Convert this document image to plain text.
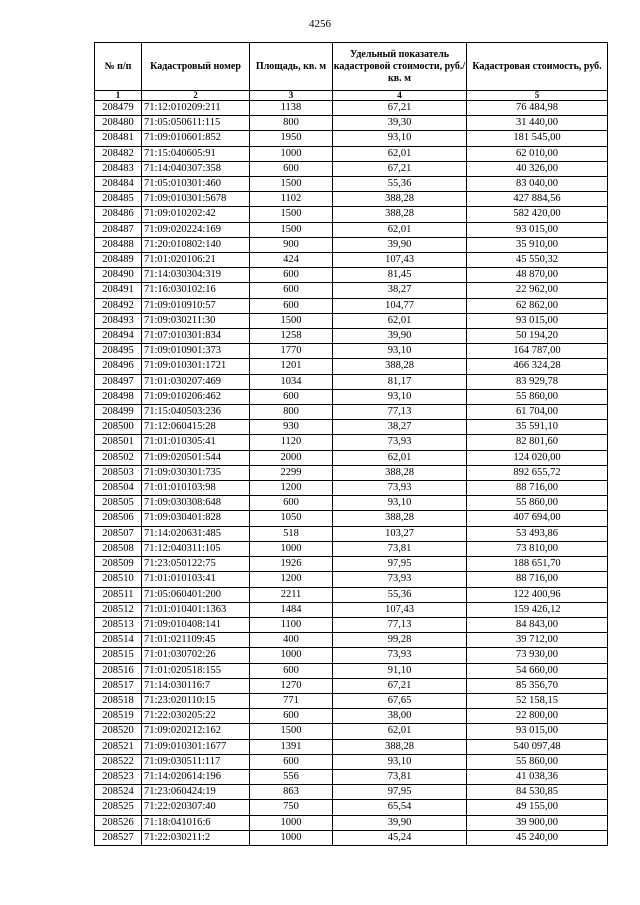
4256
№ п/п	Кадастровый номер	Площадь, кв. м	Удельный показатель кадастровой стоимости, руб./кв. м	Кадастровая стоимость, руб.
1	2	3	4	5
208479	71:12:010209:211	1138	67,21	76 484,98
208480	71:05:050611:115	800	39,30	31 440,00
208481	71:09:010601:852	1950	93,10	181 545,00
208482	71:15:040605:91	1000	62,01	62 010,00
208483	71:14:040307:358	600	67,21	40 326,00
208484	71:05:010301:460	1500	55,36	83 040,00
208485	71:09:010301:5678	1102	388,28	427 884,56
208486	71:09:010202:42	1500	388,28	582 420,00
208487	71:09:020224:169	1500	62,01	93 015,00
208488	71:20:010802:140	900	39,90	35 910,00
208489	71:01:020106:21	424	107,43	45 550,32
208490	71:14:030304:319	600	81,45	48 870,00
208491	71:16:030102:16	600	38,27	22 962,00
208492	71:09:010910:57	600	104,77	62 862,00
208493	71:09:030211:30	1500	62,01	93 015,00
208494	71:07:010301:834	1258	39,90	50 194,20
208495	71:09:010901:373	1770	93,10	164 787,00
208496	71:09:010301:1721	1201	388,28	466 324,28
208497	71:01:030207:469	1034	81,17	83 929,78
208498	71:09:010206:462	600	93,10	55 860,00
208499	71:15:040503:236	800	77,13	61 704,00
208500	71:12:060415:28	930	38,27	35 591,10
208501	71:01:010305:41	1120	73,93	82 801,60
208502	71:09:020501:544	2000	62,01	124 020,00
208503	71:09:030301:735	2299	388,28	892 655,72
208504	71:01:010103:98	1200	73,93	88 716,00
208505	71:09:030308:648	600	93,10	55 860,00
208506	71:09:030401:828	1050	388,28	407 694,00
208507	71:14:020631:485	518	103,27	53 493,86
208508	71:12:040311:105	1000	73,81	73 810,00
208509	71:23:050122:75	1926	97,95	188 651,70
208510	71:01:010103:41	1200	73,93	88 716,00
208511	71:05:060401:200	2211	55,36	122 400,96
208512	71:01:010401:1363	1484	107,43	159 426,12
208513	71:09:010408:141	1100	77,13	84 843,00
208514	71:01:021109:45	400	99,28	39 712,00
208515	71:01:030702:26	1000	73,93	73 930,00
208516	71:01:020518:155	600	91,10	54 660,00
208517	71:14:030116:7	1270	67,21	85 356,70
208518	71:23:020110:15	771	67,65	52 158,15
208519	71:22:030205:22	600	38,00	22 800,00
208520	71:09:020212:162	1500	62,01	93 015,00
208521	71:09:010301:1677	1391	388,28	540 097,48
208522	71:09:030511:117	600	93,10	55 860,00
208523	71:14:020614:196	556	73,81	41 038,36
208524	71:23:060424:19	863	97,95	84 530,85
208525	71:22:020307:40	750	65,54	49 155,00
208526	71:18:041016:6	1000	39,90	39 900,00
208527	71:22:030211:2	1000	45,24	45 240,00
